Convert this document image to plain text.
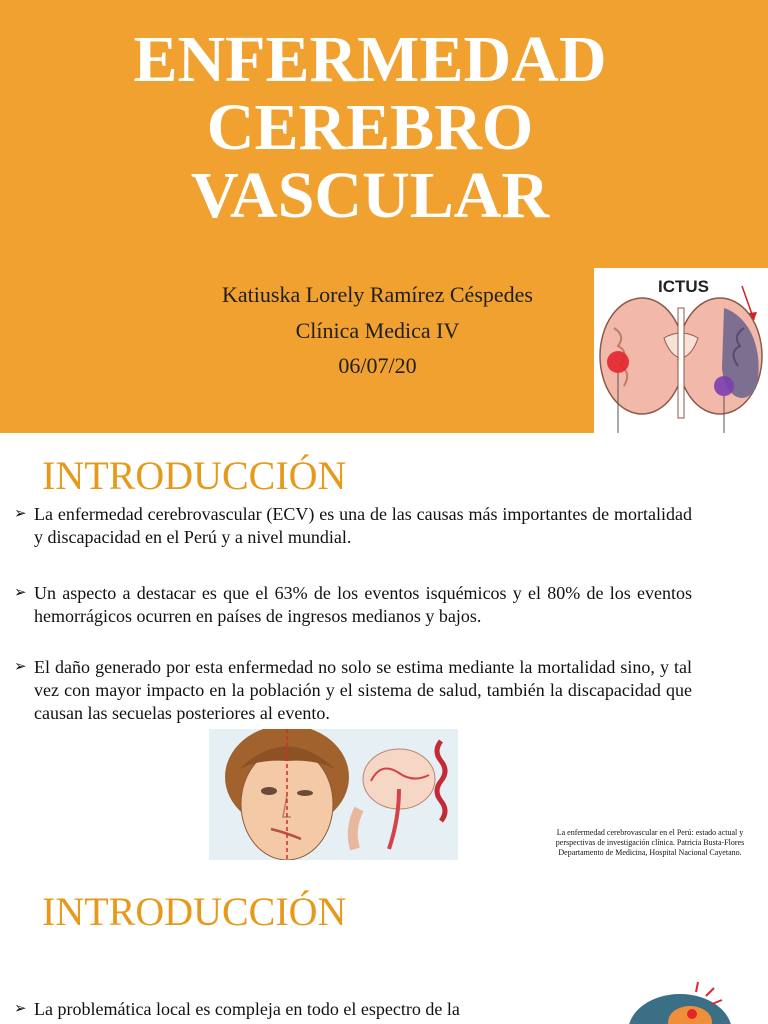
ENFERMEDAD
CEREBRO
VASCULAR
Katiuska Lorely Ramírez Céspedes
Clínica Medica IV
06/07/20
ICTUS
INTRODUCCIÓN
➢ La enfermedad cerebrovascular (ECV) es una de las causas más importantes de mortalidad y discapacidad en el Perú y a nivel mundial.
➢ Un aspecto a destacar es que el 63% de los eventos isquémicos y el 80% de los eventos hemorrágicos ocurren en países de ingresos medianos y bajos.
➢ El daño generado por esta enfermedad no solo se estima mediante la mortalidad sino, y tal vez con mayor impacto en la población y el sistema de salud, también la discapacidad que causan las secuelas posteriores al evento.
La enfermedad cerebrovascular en el Perú: estado actual y perspectivas de investigación clínica. Patricia Busta-Flores Departamento de Medicina, Hospital Nacional Cayetano.
INTRODUCCIÓN
➢ La problemática local es compleja en todo el espectro de la
